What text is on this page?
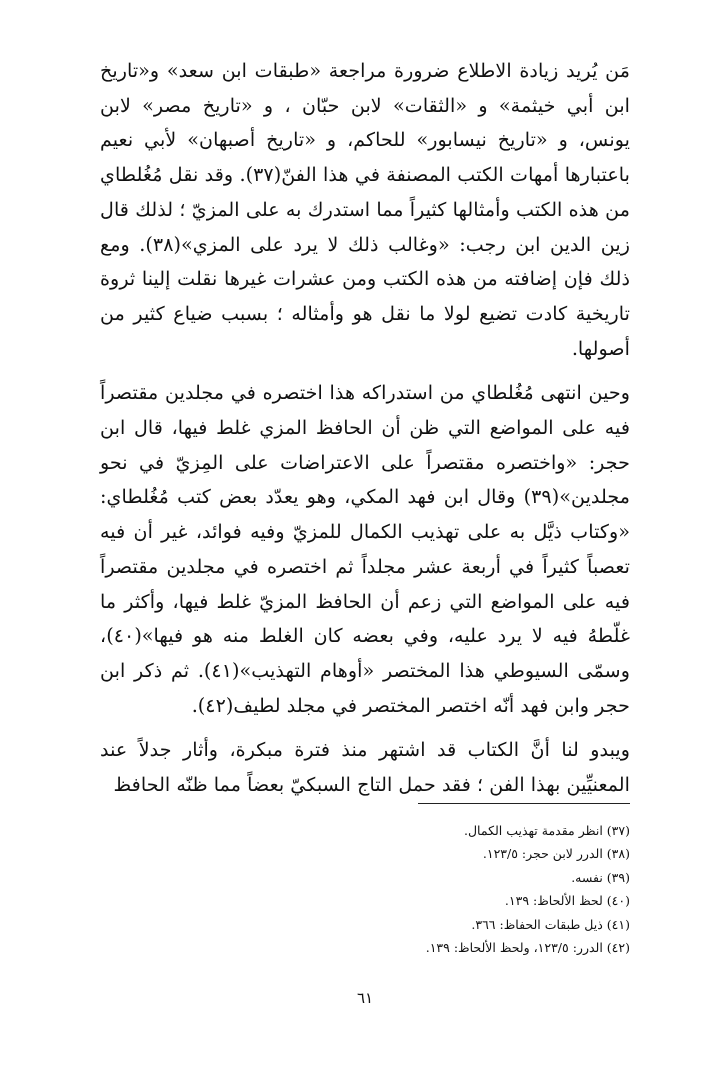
مَن يُريد زيادة الاطلاع ضرورة مراجعة «طبقات ابن سعد» و«تاريخ ابن أبي خيثمة» و «الثقات» لابن حبّان ، و «تاريخ مصر» لابن يونس، و «تاريخ نيسابور» للحاكم، و «تاريخ أصبهان» لأبي نعيم باعتبارها أمهات الكتب المصنفة في هذا الفنّ(٣٧). وقد نقل مُغُلطاي من هذه الكتب وأمثالها كثيراً مما استدرك به على المزيّ ؛ لذلك قال زين الدين ابن رجب: «وغالب ذلك لا يرد على المزي»(٣٨). ومع ذلك فإن إضافته من هذه الكتب ومن عشرات غيرها نقلت إلينا ثروة تاريخية كادت تضيع لولا ما نقل هو وأمثاله ؛ بسبب ضياع كثير من أصولها.

وحين انتهى مُغُلطاي من استدراكه هذا اختصره في مجلدين مقتصراً فيه على المواضع التي ظن أن الحافظ المزي غلط فيها، قال ابن حجر: «واختصره مقتصراً على الاعتراضات على المِزيّ في نحو مجلدين»(٣٩) وقال ابن فهد المكي، وهو يعدّد بعض كتب مُغُلطاي: «وكتاب ذيَّل به على تهذيب الكمال للمزيّ وفيه فوائد، غير أن فيه تعصباً كثيراً في أربعة عشر مجلداً ثم اختصره في مجلدين مقتصراً فيه على المواضع التي زعم أن الحافظ المزيّ غلط فيها، وأكثر ما غلّطهُ فيه لا يرد عليه، وفي بعضه كان الغلط منه هو فيها»(٤٠)، وسمّى السيوطي هذا المختصر «أوهام التهذيب»(٤١). ثم ذكر ابن حجر وابن فهد أنّه اختصر المختصر في مجلد لطيف(٤٢).

ويبدو لنا أنَّ الكتاب قد اشتهر منذ فترة مبكرة، وأثار جدلاً عند المعنيِّين بهذا الفن ؛ فقد حمل التاج السبكيّ بعضاً مما ظنّه الحافظ

(٣٧) انظر مقدمة تهذيب الكمال.
(٣٨) الدرر لابن حجر: ١٢٣/٥.
(٣٩) نفسه.
(٤٠) لحظ الألحاظ: ١٣٩.
(٤١) ذيل طبقات الحفاظ: ٣٦٦.
(٤٢) الدرر: ١٢٣/٥، ولحظ الألحاظ: ١٣٩.
٦١
